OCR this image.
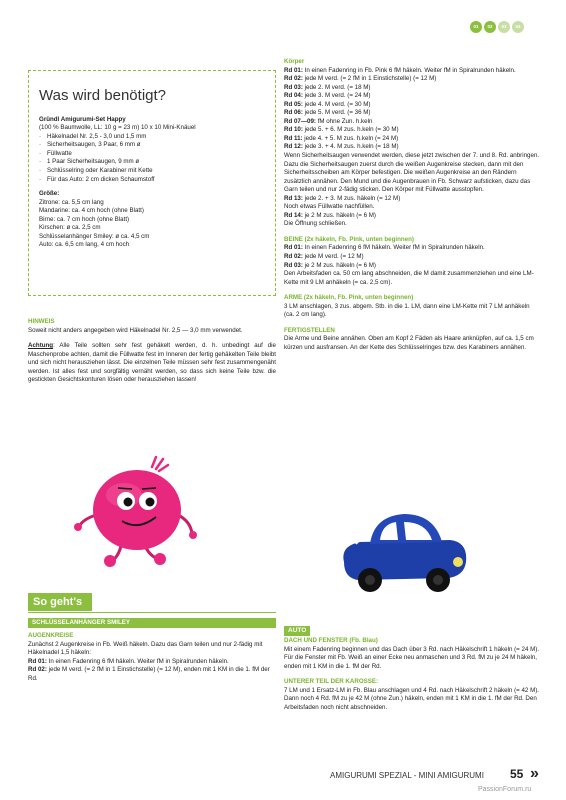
01	02	03	04
Was wird benötigt?

Gründl Amigurumi-Set Happy

(100 % Baumwolle, LL: 10 g = 23 m) 10 x 10 Mini-Knäuel

· Häkelnadel Nr. 2,5 - 3,0 und 1,5 mm
· Sicherheitsaugen, 3 Paar, 6 mm ø
· Füllwatte
· 1 Paar Sicherheitsaugen, 9 mm ø
· Schlüsselring oder Karabiner mit Kette
· Für das Auto: 2 cm dicken Schaumstoff

Größe:

Zitrone: ca. 5,5 cm lang

Mandarine: ca. 4 cm hoch (ohne Blatt)

Birne: ca. 7 cm hoch (ohne Blatt)

Kirschen: ø ca. 2,5 cm

Schlüsselanhänger Smiley: ø ca. 4,5 cm

Auto: ca. 6,5 cm lang, 4 cm hoch

HINWEIS

Soweit nicht anders angegeben wird Häkelnadel Nr. 2,5 — 3,0 mm verwendet.

Achtung: Alle Teile sollten sehr fest gehäkelt werden, d. h. unbedingt auf die Maschenprobe achten, damit die Füllwatte fest im Inneren der fertig gehäkelten Teile bleibt und sich nicht herausziehen lässt. Die einzelnen Teile müssen sehr fest zusammengenäht werden. Ist alles fest und sorgfältig vernäht werden, so dass sich keine Teile bzw. die gestickten Gesichtskonturen lösen oder herausziehen lassen!

So geht's
SCHLÜSSELANHÄNGER SMILEY

AUGENKREISE

Zunächst 2 Augenkreise in Fb. Weiß häkeln. Dazu das Garn teilen und nur 2-fädig mit Häkelnadel 1,5 häkeln:

Rd 01: In einen Fadenring 6 fM häkeln. Weiter fM in Spiralrunden häkeln.

Rd 02: jede M verd. (= 2 fM in 1 Einstichstelle) (= 12 M), enden mit 1 KM in die 1. fM der Rd.

Körper

Rd 01: In einen Fadenring in Fb. Pink 6 fM häkeln. Weiter fM in Spiralrunden häkeln.

Rd 02: jede M verd. (= 2 fM in 1 Einstichstelle) (= 12 M)

Rd 03: jede 2. M verd. (= 18 M)

Rd 04: jede 3. M verd. (= 24 M)

Rd 05: jede 4. M verd. (= 30 M)

Rd 06: jede 5. M verd. (= 36 M)

Rd 07—09: fM ohne Zun. h.keln

Rd 10: jede 5. + 6. M zus. h.keln (= 30 M)

Rd 11: jede 4. + 5. M zus. h.keln (= 24 M)

Rd 12: jede 3. + 4. M zus. h.keln (= 18 M)

Wenn Sicherheitsaugen verwendet werden, diese jetzt zwischen der 7. und 8. Rd. anbringen.
Dazu die Sicherheitsaugen zuerst durch die weißen Augenkreise stecken, dann mit den Sicherheitsscheiben am Körper befestigen. Die weißen Augenkreise an den Rändern zusätzlich annähen. Den Mund und die Augenbrauen in Fb. Schwarz aufsticken, dazu das Garn teilen und nur 2-fädig sticken. Den Körper mit Füllwatte ausstopfen.

Rd 13: jede 2. + 3. M zus. häkeln (= 12 M)

Noch etwas Füllwatte nachfüllen.

Rd 14: je 2 M zus. häkeln (= 6 M)

Die Öffnung schließen.

BEINE (2x häkeln, Fb. Pink, unten beginnen)

Rd 01: In einen Fadenring 6 fM häkeln. Weiter fM in Spiralrunden häkeln.

Rd 02: jede M verd. (= 12 M)

Rd 03: je 2 M zus. häkeln (= 6 M)

Den Arbeitsfaden ca. 50 cm lang abschneiden, die M damit zusammenziehen und eine LM-Kette mit 9 LM anhäkeln (= ca. 2,5 cm).

ARME (2x häkeln, Fb. Pink, unten beginnen)

3 LM anschlagen, 3 zus. abgem. Stb. in die 1. LM, dann eine LM-Kette mit 7 LM anhäkeln (ca. 2 cm lang).

FERTIGSTELLEN

Die Arme und Beine annähen. Oben am Kopf 2 Fäden als Haare anknüpfen, auf ca. 1,5 cm kürzen und ausfransen. An der Kette des Schlüsselringes bzw. des Karabiners annähen.

AUTO

DACH UND FENSTER (Fb. Blau)

Mit einem Fadenring beginnen und das Dach über 3 Rd. nach Häkelschrift 1 häkeln (= 24 M). Für die Fenster mit Fb. Weiß an einer Ecke neu anmaschen und 3 Rd. fM zu je 24 M häkeln, enden mit 1 KM in die 1. fM der Rd.

UNTERER TEIL DER KAROSSE:

7 LM und 1 Ersatz-LM in Fb. Blau anschlagen und 4 Rd. nach Häkelschrift 2 häkeln (= 42 M). Dann noch 4 Rd. fM zu je 42 M (ohne Zun.) häkeln, enden mit 1 KM in die 1. fM der Rd. Den Arbeitsfaden noch nicht abschneiden.

AMIGURUMI SPEZIAL - MINI AMIGURUMI 55 »
PassionForum.ru
